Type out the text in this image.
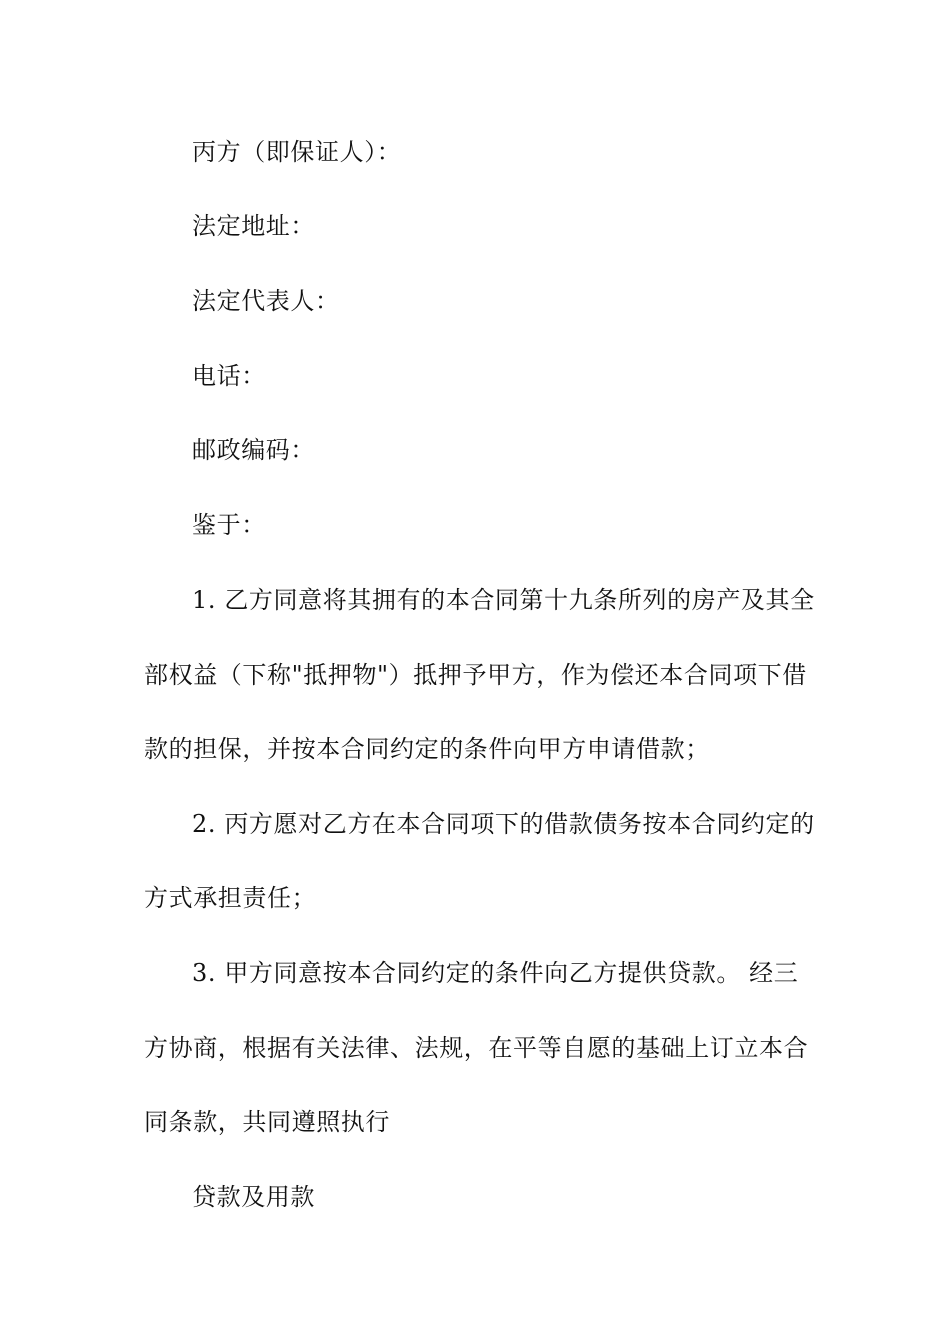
丙方（即保证人）：
法定地址：
法定代表人：
电话：
邮政编码：
鉴于：
1. 乙方同意将其拥有的本合同第十九条所列的房产及其全
部权益（下称"抵押物"）抵押予甲方，作为偿还本合同项下借
款的担保，并按本合同约定的条件向甲方申请借款；
2. 丙方愿对乙方在本合同项下的借款债务按本合同约定的
方式承担责任；
3. 甲方同意按本合同约定的条件向乙方提供贷款。 经三
方协商，根据有关法律、法规，在平等自愿的基础上订立本合
同条款，共同遵照执行
贷款及用款
